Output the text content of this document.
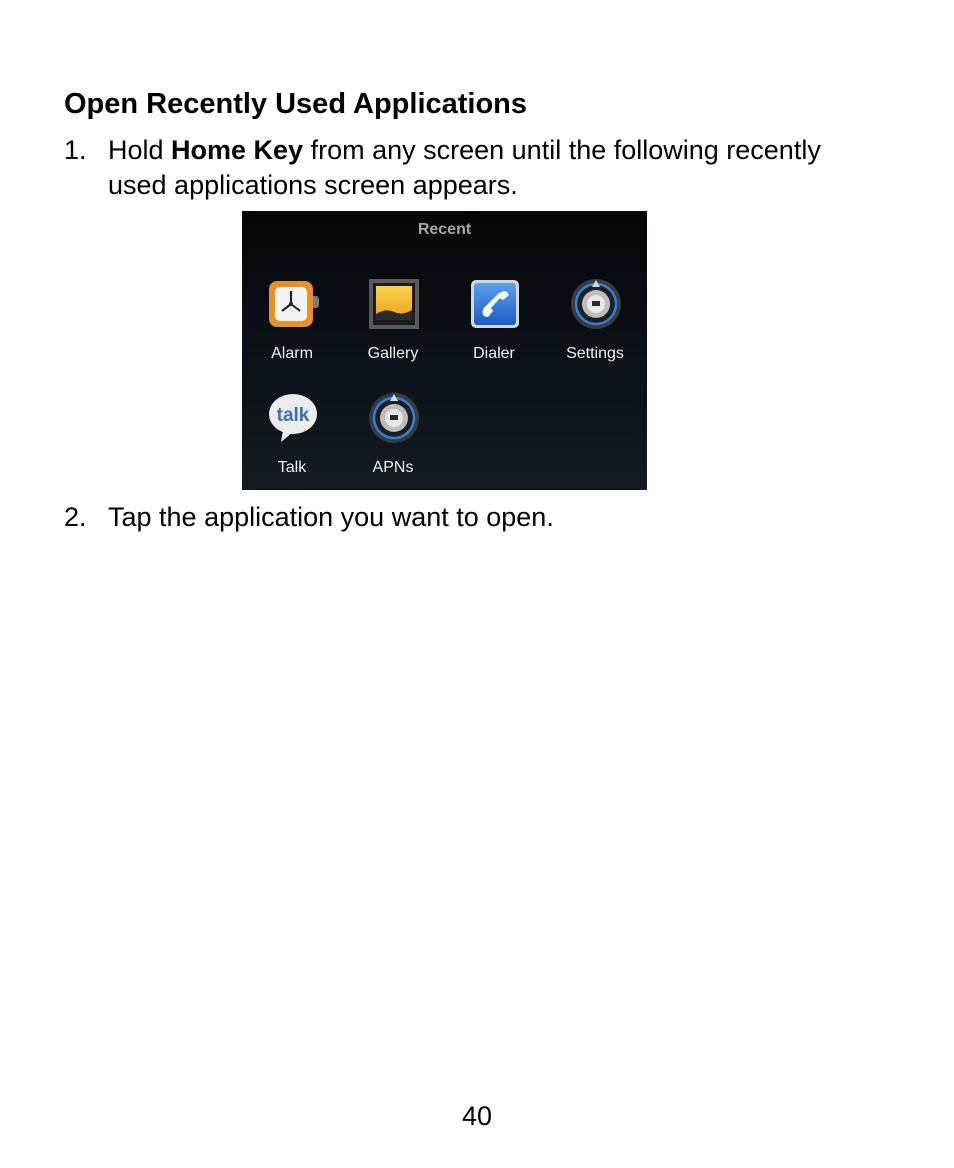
Open Recently Used Applications
1. Hold Home Key from any screen until the following recently used applications screen appears.
Recent
Alarm	Gallery	Dialer	Settings
talk
Talk	APNs
2. Tap the application you want to open.
40
